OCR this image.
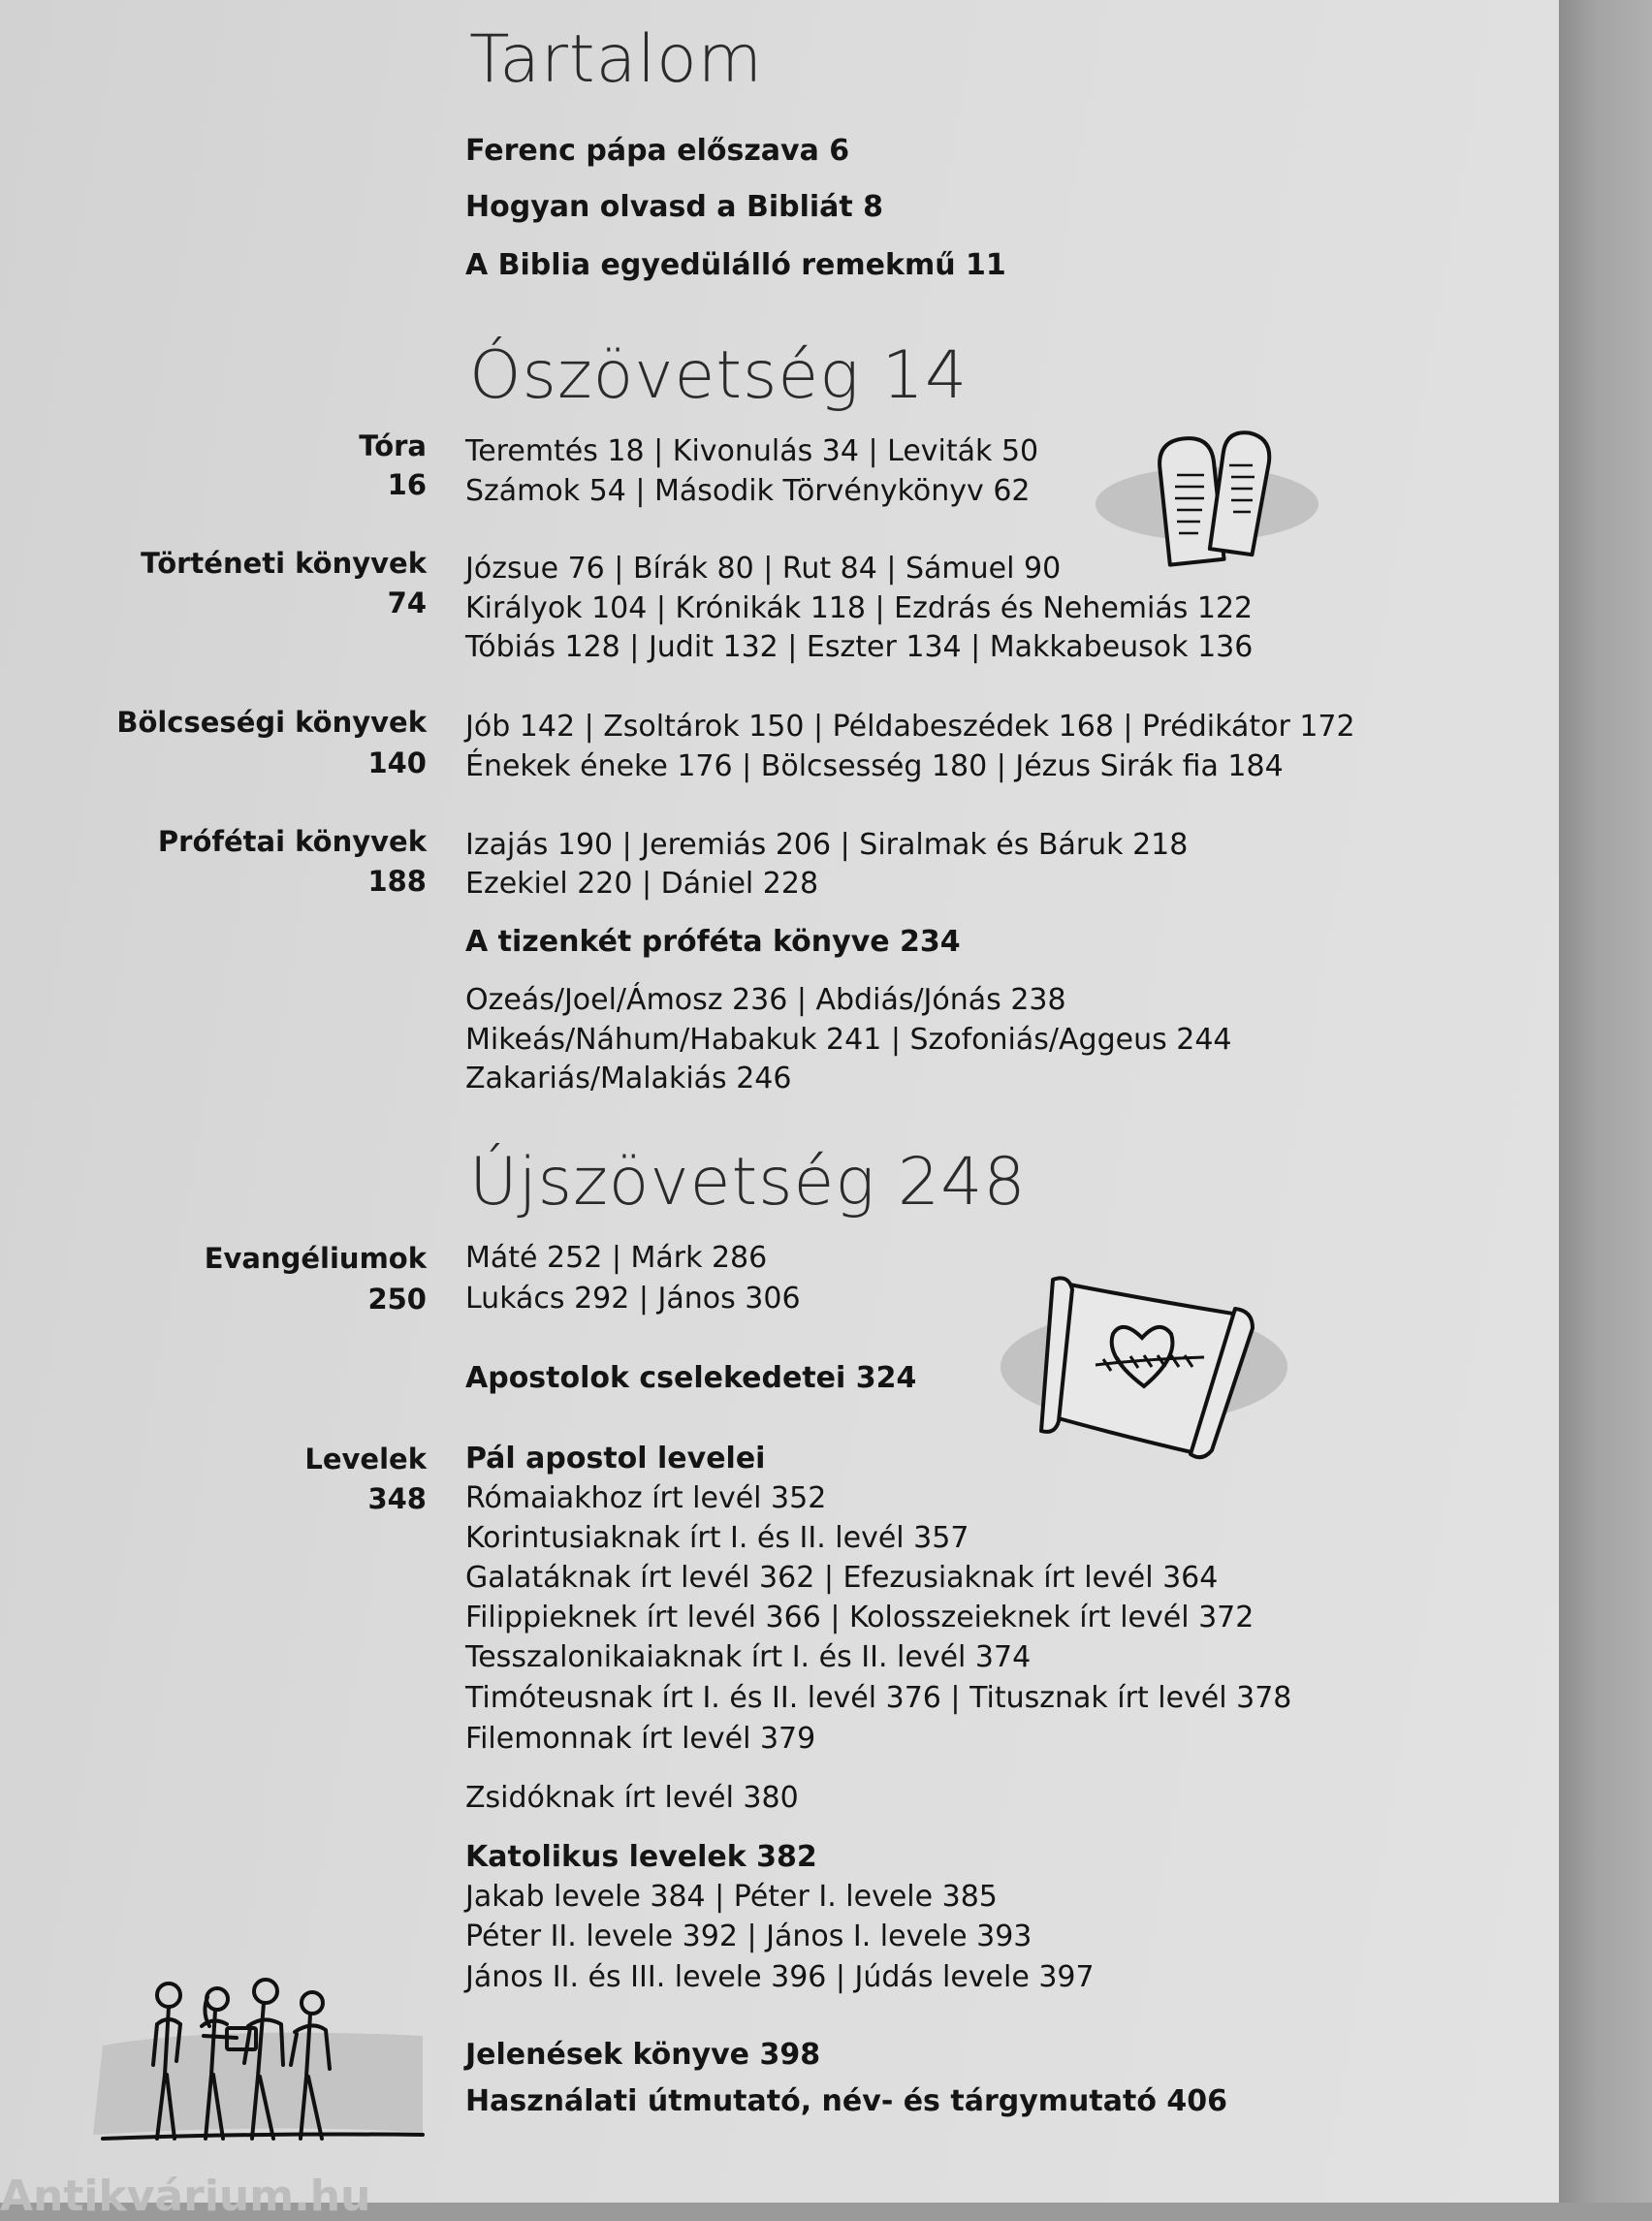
Tartalom
Ferenc pápa előszava 6
Hogyan olvasd a Bibliát 8
A Biblia egyedülálló remekmű 11
Ószövetség 14
Tóra
16
Teremtés 18 | Kivonulás 34 | Leviták 50
Számok 54 | Második Törvénykönyv 62
Történeti könyvek
74
Józsue 76 | Bírák 80 | Rut 84 | Sámuel 90
Királyok 104 | Krónikák 118 | Ezdrás és Nehemiás 122
Tóbiás 128 | Judit 132 | Eszter 134 | Makkabeusok 136
Bölcseségi könyvek
140
Jób 142 | Zsoltárok 150 | Példabeszédek 168 | Prédikátor 172
Énekek éneke 176 | Bölcsesség 180 | Jézus Sirák fia 184
Prófétai könyvek
188
Izajás 190 | Jeremiás 206 | Siralmak és Báruk 218
Ezekiel 220 | Dániel 228
A tizenkét próféta könyve 234
Ozeás/Joel/Ámosz 236 | Abdiás/Jónás 238
Mikeás/Náhum/Habakuk 241 | Szofoniás/Aggeus 244
Zakariás/Malakiás 246
Újszövetség 248
Evangéliumok
250
Máté 252 | Márk 286
Lukács 292 | János 306
Apostolok cselekedetei 324
Levelek
348
Pál apostol levelei
Rómaiakhoz írt levél 352
Korintusiaknak írt I. és II. levél 357
Galatáknak írt levél 362 | Efezusiaknak írt levél 364
Filippieknek írt levél 366 | Kolosszeieknek írt levél 372
Tesszalonikaiaknak írt I. és II. levél 374
Timóteusnak írt I. és II. levél 376 | Titusznak írt levél 378
Filemonnak írt levél 379
Zsidóknak írt levél 380
Katolikus levelek 382
Jakab levele 384 | Péter I. levele 385
Péter II. levele 392 | János I. levele 393
János II. és III. levele 396 | Júdás levele 397
Jelenések könyve 398
Használati útmutató, név- és tárgymutató 406
Antikvárium.hu
